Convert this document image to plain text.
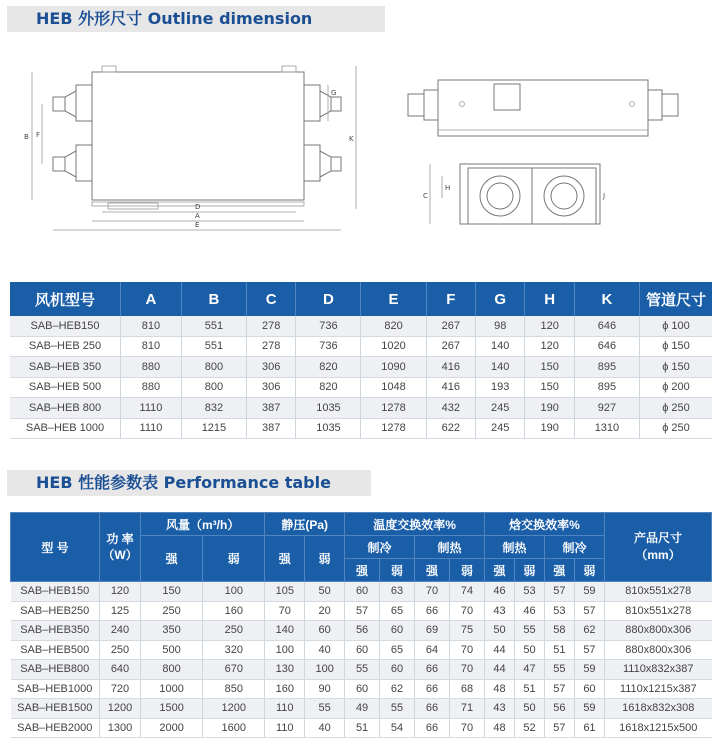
HEB 外形尺寸 Outline dimension
D
A
E
B F
G
K
C
H
J
风机型号	A	B	C	D	E	F	G	H	K	管道尺寸
SAB–HEB150	810	551	278	736	820	267	98	120	646	ϕ 100
SAB–HEB 250	810	551	278	736	1020	267	140	120	646	ϕ 150
SAB–HEB 350	880	800	306	820	1090	416	140	150	895	ϕ 150
SAB–HEB 500	880	800	306	820	1048	416	193	150	895	ϕ 200
SAB–HEB 800	1110	832	387	1035	1278	432	245	190	927	ϕ 250
SAB–HEB 1000	1110	1215	387	1035	1278	622	245	190	1310	ϕ 250
HEB 性能参数表 Performance table
型 号	功 率
（W）	风量（m³/h）		静压(Pa)		温度交换效率%				焓交换效率%				产品尺寸
（mm）
		强	弱	强	弱	制冷		制热		制热		制冷		
						强	弱	强	弱	强	弱	强	弱	
SAB–HEB150	120	150	100	105	50	60	63	70	74	46	53	57	59	810x551x278
SAB–HEB250	125	250	160	70	20	57	65	66	70	43	46	53	57	810x551x278
SAB–HEB350	240	350	250	140	60	56	60	69	75	50	55	58	62	880x800x306
SAB–HEB500	250	500	320	100	40	60	65	64	70	44	50	51	57	880x800x306
SAB–HEB800	640	800	670	130	100	55	60	66	70	44	47	55	59	1110x832x387
SAB–HEB1000	720	1000	850	160	90	60	62	66	68	48	51	57	60	1110x1215x387
SAB–HEB1500	1200	1500	1200	110	55	49	55	66	71	43	50	56	59	1618x832x308
SAB–HEB2000	1300	2000	1600	110	40	51	54	66	70	48	52	57	61	1618x1215x500
